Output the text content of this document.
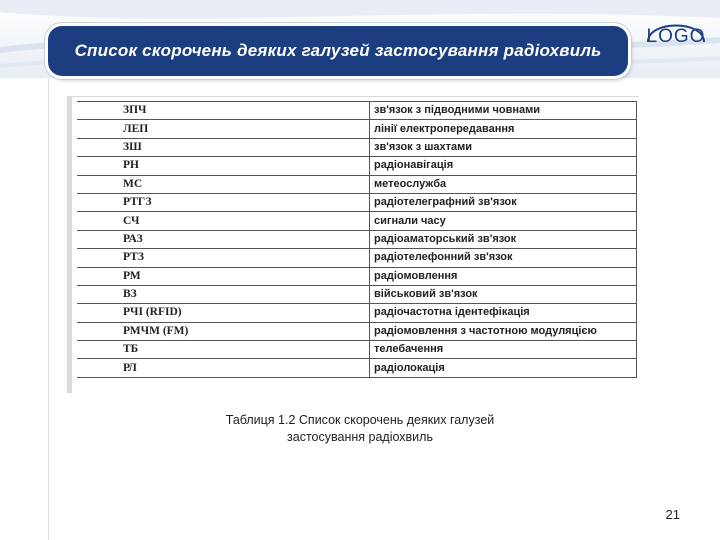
Список скорочень деяких галузей застосування радіохвиль
LOGO
ЗПЧ	зв'язок з підводними човнами
ЛЕП	лінії електропередавання
ЗШ	зв'язок з шахтами
РН	радіонавігація
МС	метеослужба
РТГЗ	радіотелеграфний зв'язок
СЧ	сигнали часу
РАЗ	радіоаматорський зв'язок
РТЗ	радіотелефонний зв'язок
РМ	радіомовлення
ВЗ	військовий зв'язок
РЧІ (RFID)	радіочастотна ідентефікація
РМЧМ (FM)	радіомовлення з частотною модуляцією
ТБ	телебачення
РЛ	радіолокація
Таблиця 1.2 Список скорочень деяких галузей
застосування радіохвиль
21
